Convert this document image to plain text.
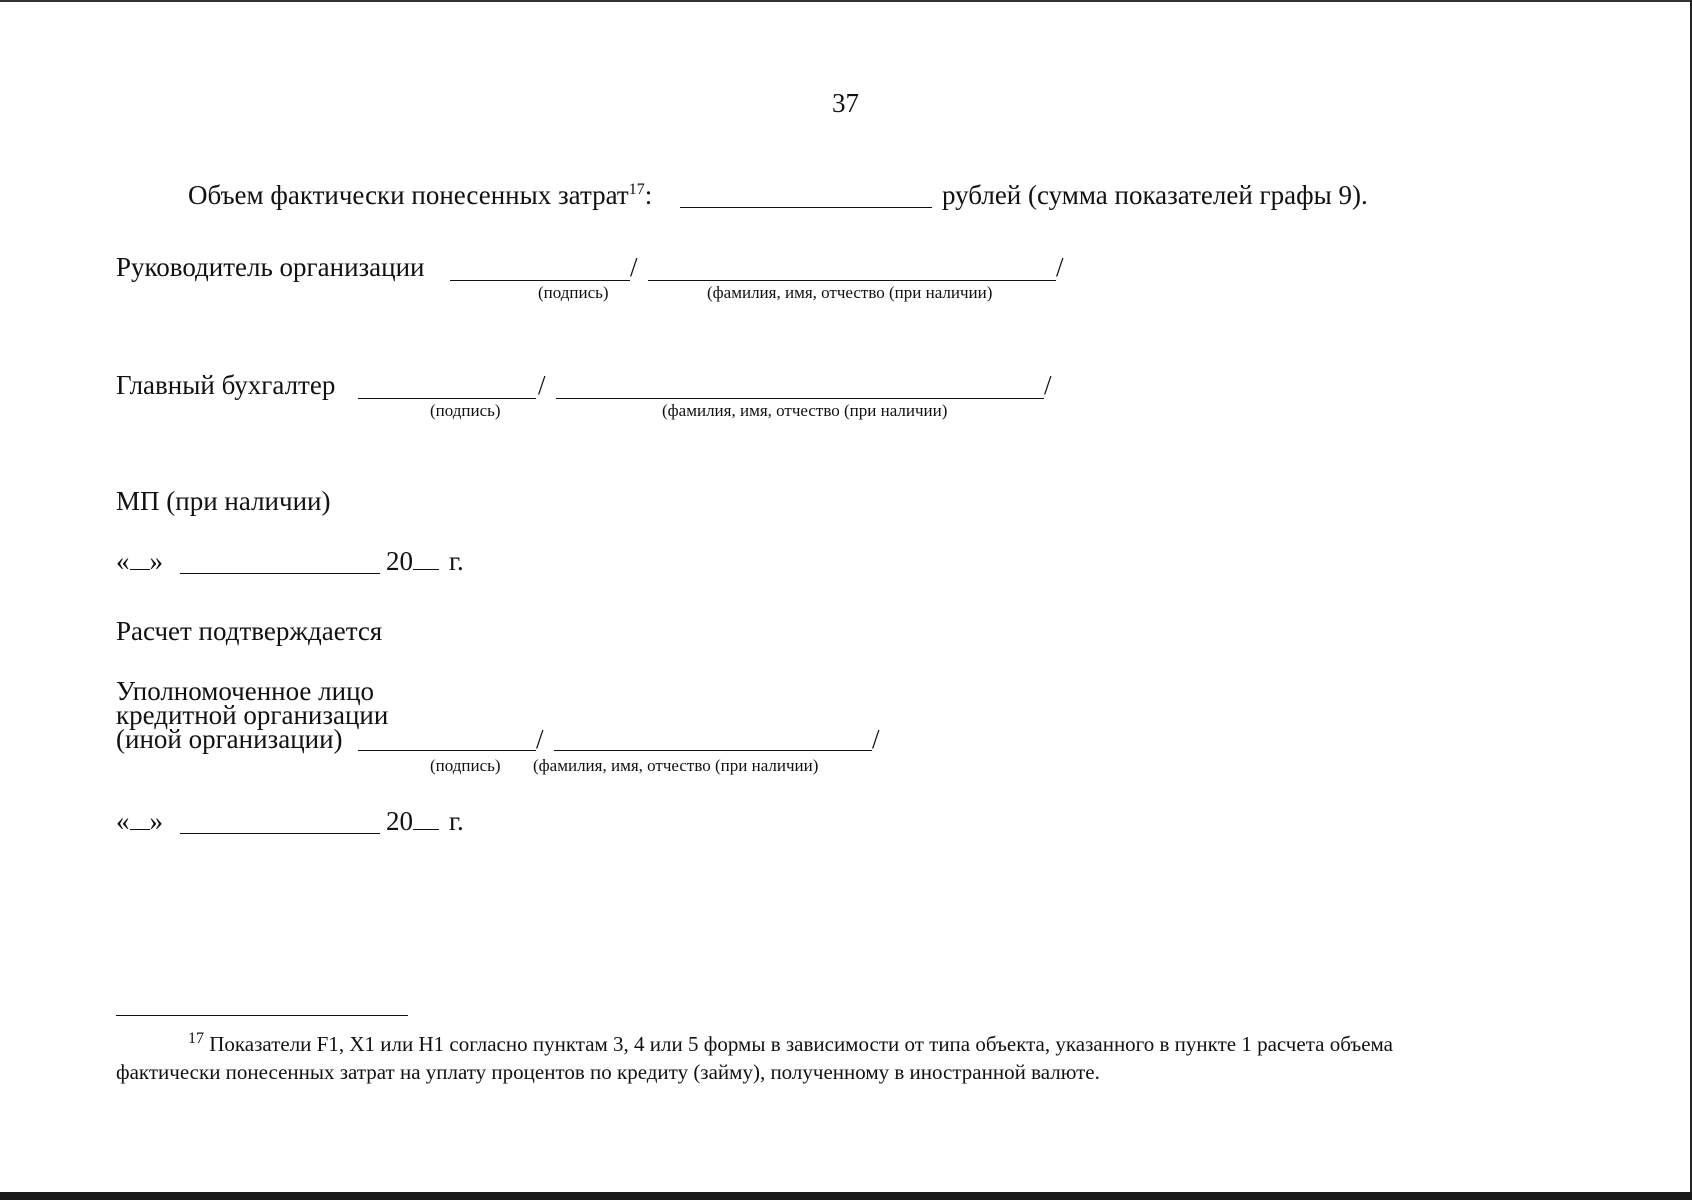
37
Объем фактически понесенных затрат$^{17}$:	рублей (сумма показателей графы 9).
Руководитель организации	/	/
(подпись)	(фамилия, имя, отчество (при наличии)
Главный бухгалтер	/	/
(подпись)	(фамилия, имя, отчество (при наличии)
МП (при наличии)
« »	20 г.
Расчет подтверждается
Уполномоченное лицо
кредитной организации
(иной организации)	/	/
(подпись) (фамилия, имя, отчество (при наличии)
« »	20 г.
$^{17}$ Показатели F1, X1 или H1 согласно пунктам 3, 4 или 5 формы в зависимости от типа объекта, указанного в пункте 1 расчета объема
фактически понесенных затрат на уплату процентов по кредиту (займу), полученному в иностранной валюте.
